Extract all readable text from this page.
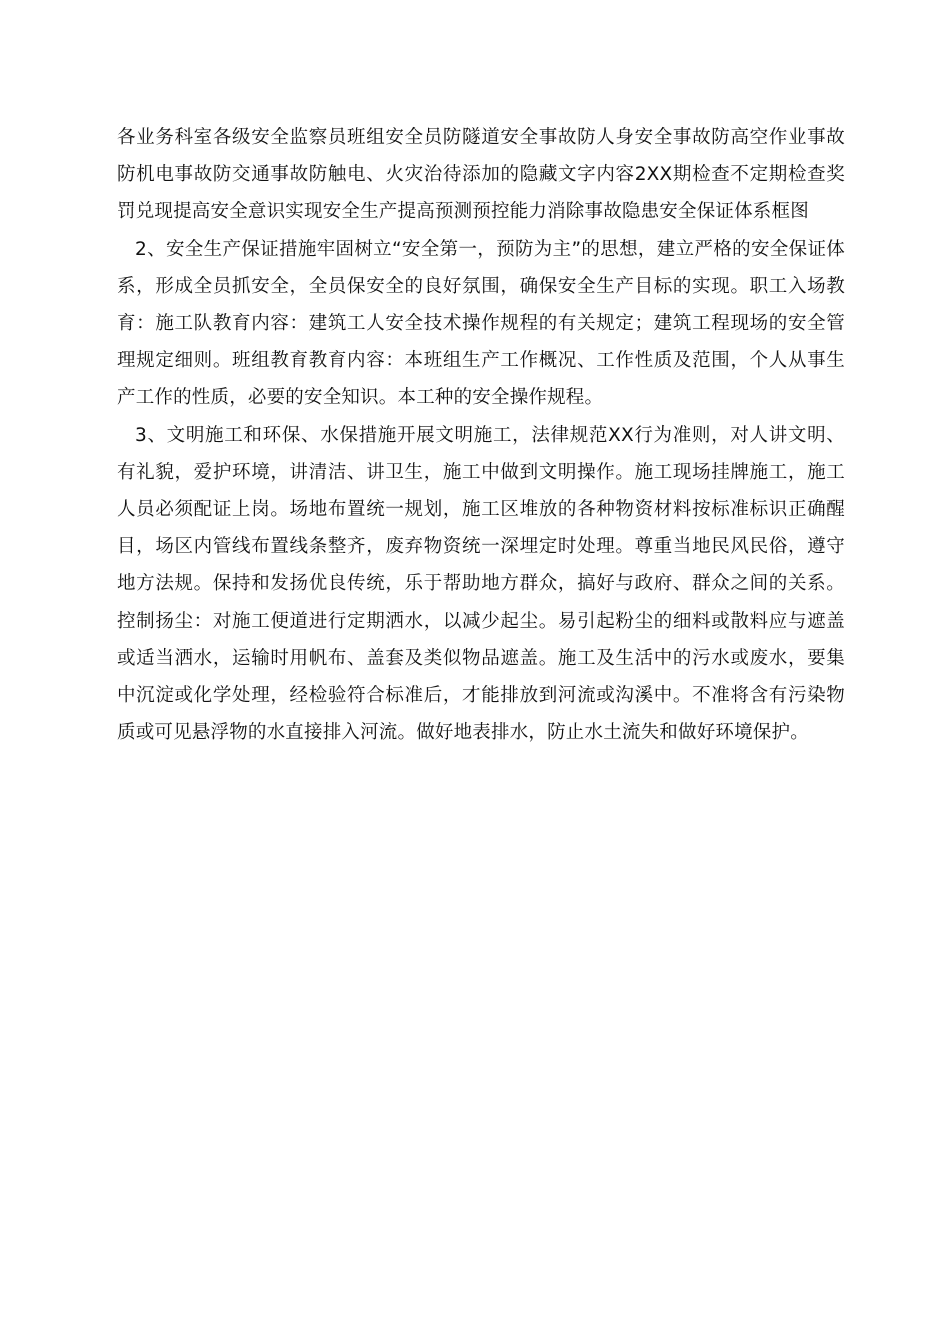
各业务科室各级安全监察员班组安全员防隧道安全事故防人身安全事故防高空作业事故防机电事故防交通事故防触电、火灾治待添加的隐藏文字内容2XX期检查不定期检查奖罚兑现提高安全意识实现安全生产提高预测预控能力消除事故隐患安全保证体系框图

2、安全生产保证措施牢固树立“安全第一，预防为主”的思想，建立严格的安全保证体系，形成全员抓安全，全员保安全的良好氛围，确保安全生产目标的实现。职工入场教育：施工队教育内容：建筑工人安全技术操作规程的有关规定；建筑工程现场的安全管理规定细则。班组教育教育内容：本班组生产工作概况、工作性质及范围，个人从事生产工作的性质，必要的安全知识。本工种的安全操作规程。

3、文明施工和环保、水保措施开展文明施工，法律规范XX行为准则，对人讲文明、有礼貌，爱护环境，讲清洁、讲卫生，施工中做到文明操作。施工现场挂牌施工，施工人员必须配证上岗。场地布置统一规划，施工区堆放的各种物资材料按标准标识正确醒目，场区内管线布置线条整齐，废弃物资统一深埋定时处理。尊重当地民风民俗，遵守地方法规。保持和发扬优良传统，乐于帮助地方群众，搞好与政府、群众之间的关系。控制扬尘：对施工便道进行定期洒水，以减少起尘。易引起粉尘的细料或散料应与遮盖或适当洒水，运输时用帆布、盖套及类似物品遮盖。施工及生活中的污水或废水，要集中沉淀或化学处理，经检验符合标准后，才能排放到河流或沟溪中。不准将含有污染物质或可见悬浮物的水直接排入河流。做好地表排水，防止水土流失和做好环境保护。
